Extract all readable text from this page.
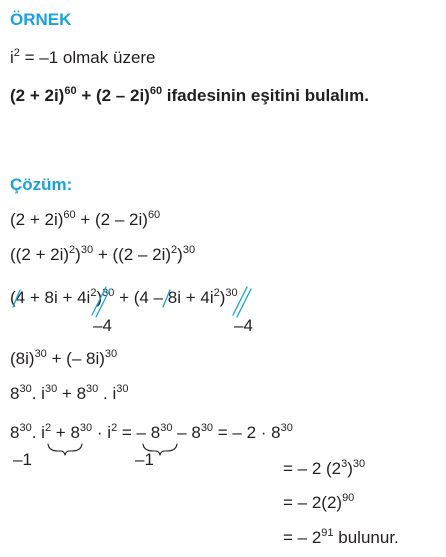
ÖRNEK
$i^2 = -1$ olmak üzere
$(2 + 2i)^{60} + (2 - 2i)^{60}$ ifadesinin eşitini bulalım.
Çözüm:
$(2 + 2i)^{60} + (2 - 2i)^{60}$
$((2 + 2i)^2)^{30} + ((2 - 2i)^2)^{30}$
$(4 + 8i + 4i^2)^{30} + (4 - 8i + 4i^2)^{30}$
–4	–4
$(8i)^{30}$ + (– 8i)$^{30}$
$8^{30}$. $i^{30} + 8^{30}$ . $i^{30}$
$8^{30}$. $i^2 + 8^{30} \cdot i^2$ = – $8^{30} - 8^{30}$ = – $2 \cdot 8^{30}$
–1	–1	= – 2 $(2^3)^{30}$
= – $2(2)^{90}$
= – $2^{91}$ bulunur.
